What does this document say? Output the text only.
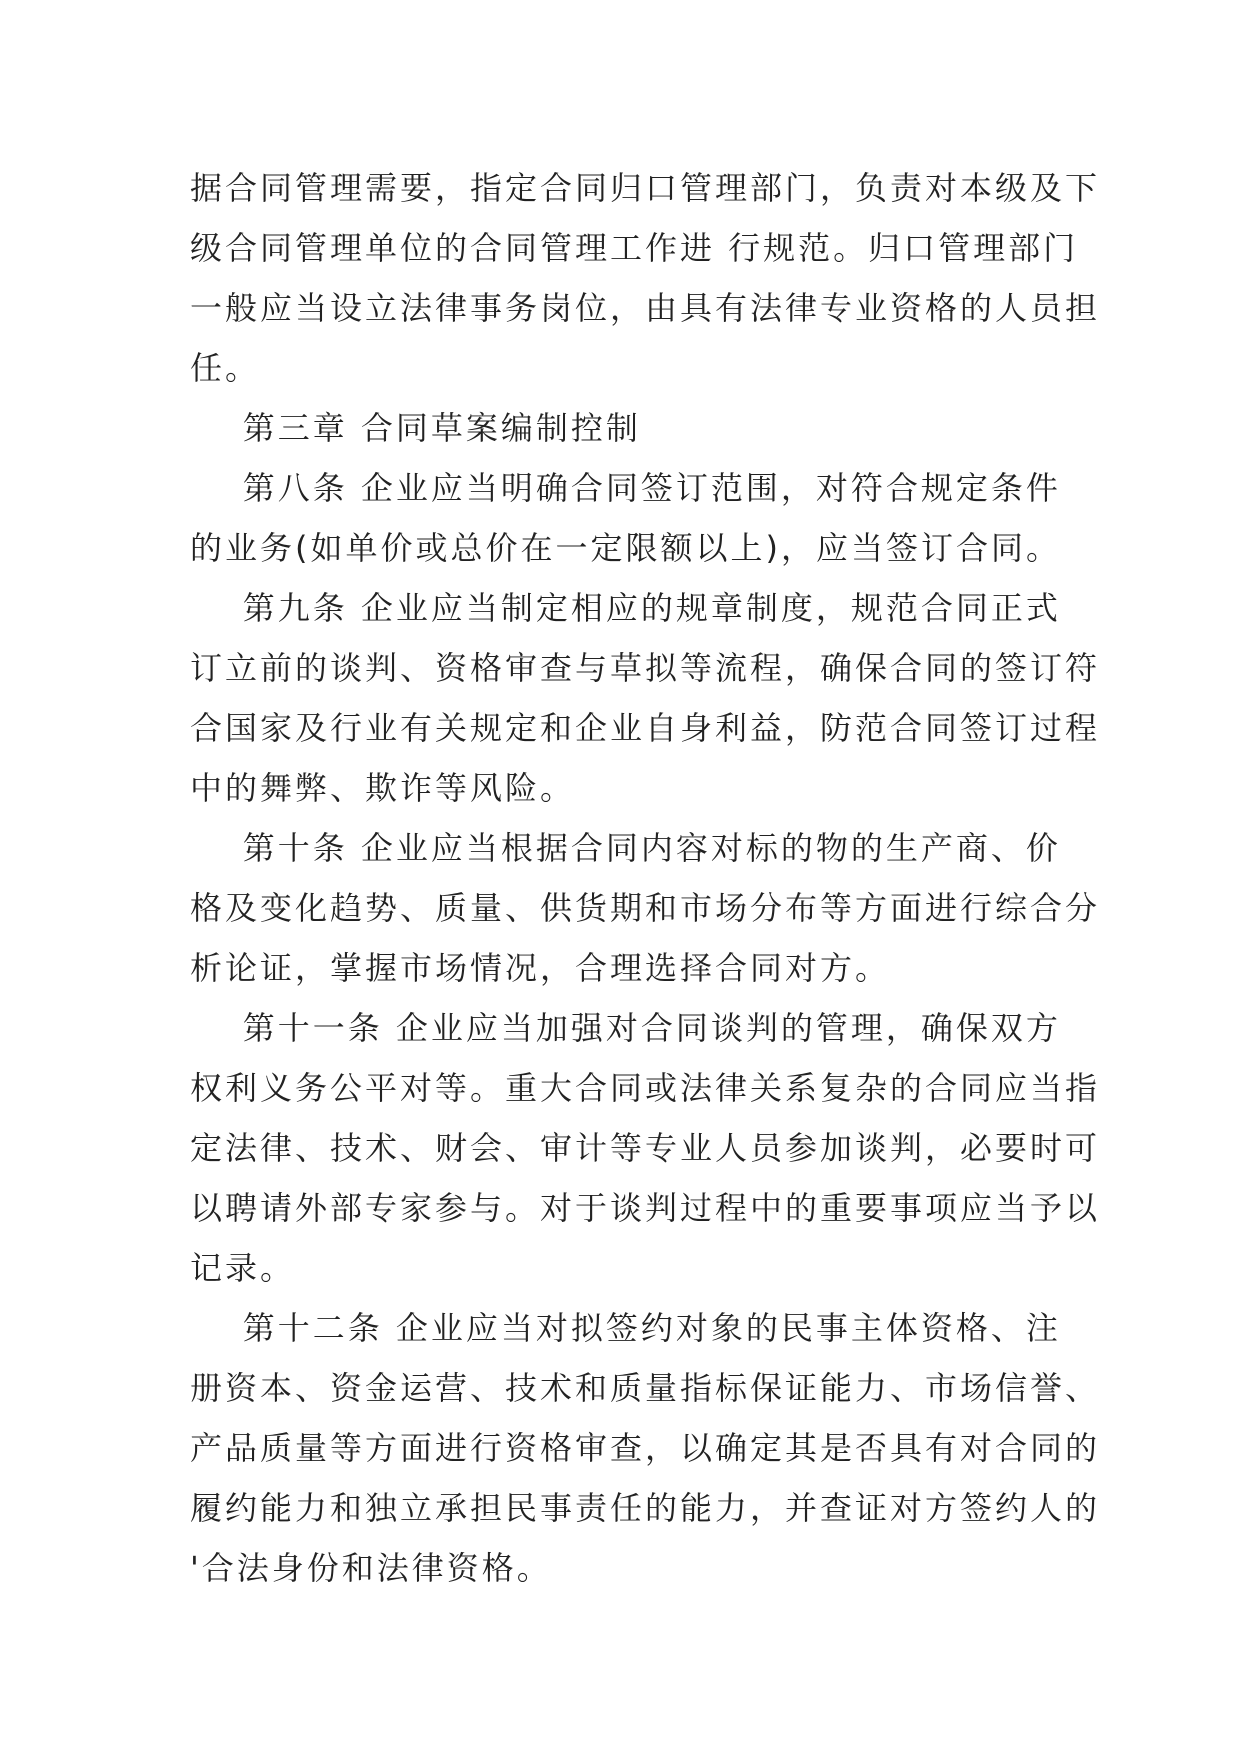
据合同管理需要，指定合同归口管理部门，负责对本级及下
级合同管理单位的合同管理工作进 行规范。归口管理部门
一般应当设立法律事务岗位，由具有法律专业资格的人员担
任。
第三章 合同草案编制控制
第八条 企业应当明确合同签订范围，对符合规定条件
的业务(如单价或总价在一定限额以上)，应当签订合同。
第九条 企业应当制定相应的规章制度，规范合同正式
订立前的谈判、资格审查与草拟等流程，确保合同的签订符
合国家及行业有关规定和企业自身利益，防范合同签订过程
中的舞弊、欺诈等风险。
第十条 企业应当根据合同内容对标的物的生产商、价
格及变化趋势、质量、供货期和市场分布等方面进行综合分
析论证，掌握市场情况，合理选择合同对方。
第十一条 企业应当加强对合同谈判的管理，确保双方
权利义务公平对等。重大合同或法律关系复杂的合同应当指
定法律、技术、财会、审计等专业人员参加谈判，必要时可
以聘请外部专家参与。对于谈判过程中的重要事项应当予以
记录。
第十二条 企业应当对拟签约对象的民事主体资格、注
册资本、资金运营、技术和质量指标保证能力、市场信誉、
产品质量等方面进行资格审查，以确定其是否具有对合同的
履约能力和独立承担民事责任的能力，并查证对方签约人的
'合法身份和法律资格。
